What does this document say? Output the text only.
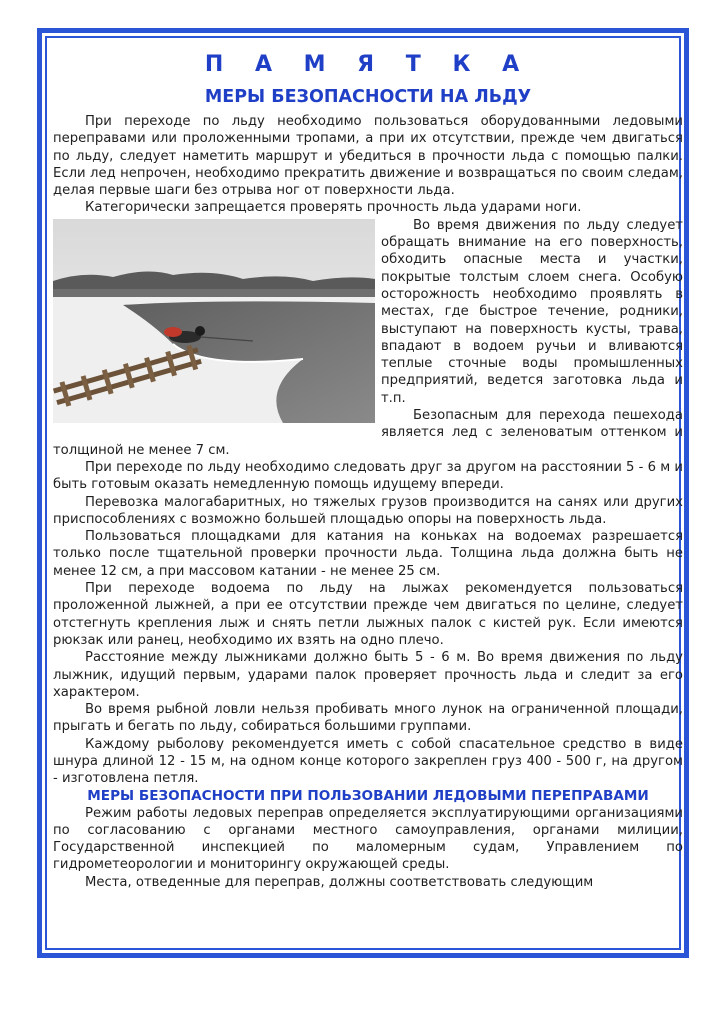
П А М Я Т К А
МЕРЫ БЕЗОПАСНОСТИ НА ЛЬДУ

При переходе по льду необходимо пользоваться оборудованными ледовыми переправами или проложенными тропами, а при их отсутствии, прежде чем двигаться по льду, следует наметить маршрут и убедиться в прочности льда с помощью палки. Если лед непрочен, необходимо прекратить движение и возвращаться по своим следам, делая первые шаги без отрыва ног от поверхности льда.

Категорически запрещается проверять прочность льда ударами ноги.

Во время движения по льду следует обращать внимание на его поверхность, обходить опасные места и участки, покрытые толстым слоем снега. Особую осторожность необходимо проявлять в местах, где быстрое течение, родники, выступают на поверхность кусты, трава, впадают в водоем ручьи и вливаются теплые сточные воды промышленных предприятий, ведется заготовка льда и т.п.

Безопасным для перехода пешехода является лед с зеленоватым оттенком и толщиной не менее 7 см.

При переходе по льду необходимо следовать друг за другом на расстоянии 5 - 6 м и быть готовым оказать немедленную помощь идущему впереди.

Перевозка малогабаритных, но тяжелых грузов производится на санях или других приспособлениях с возможно большей площадью опоры на поверхность льда.

Пользоваться площадками для катания на коньках на водоемах разрешается только после тщательной проверки прочности льда. Толщина льда должна быть не менее 12 см, а при массовом катании - не менее 25 см.

При переходе водоема по льду на лыжах рекомендуется пользоваться проложенной лыжней, а при ее отсутствии прежде чем двигаться по целине, следует отстегнуть крепления лыж и снять петли лыжных палок с кистей рук. Если имеются рюкзак или ранец, необходимо их взять на одно плечо.

Расстояние между лыжниками должно быть 5 - 6 м. Во время движения по льду лыжник, идущий первым, ударами палок проверяет прочность льда и следит за его характером.

Во время рыбной ловли нельзя пробивать много лунок на ограниченной площади, прыгать и бегать по льду, собираться большими группами.

Каждому рыболову рекомендуется иметь с собой спасательное средство в виде шнура длиной 12 - 15 м, на одном конце которого закреплен груз 400 - 500 г, на другом - изготовлена петля.

МЕРЫ БЕЗОПАСНОСТИ ПРИ ПОЛЬЗОВАНИИ ЛЕДОВЫМИ ПЕРЕПРАВАМИ

Режим работы ледовых переправ определяется эксплуатирующими организациями по согласованию с органами местного самоуправления, органами милиции, Государственной инспекцией по маломерным судам, Управлением по гидрометеорологии и мониторингу окружающей среды.

Места, отведенные для переправ, должны соответствовать следующим
